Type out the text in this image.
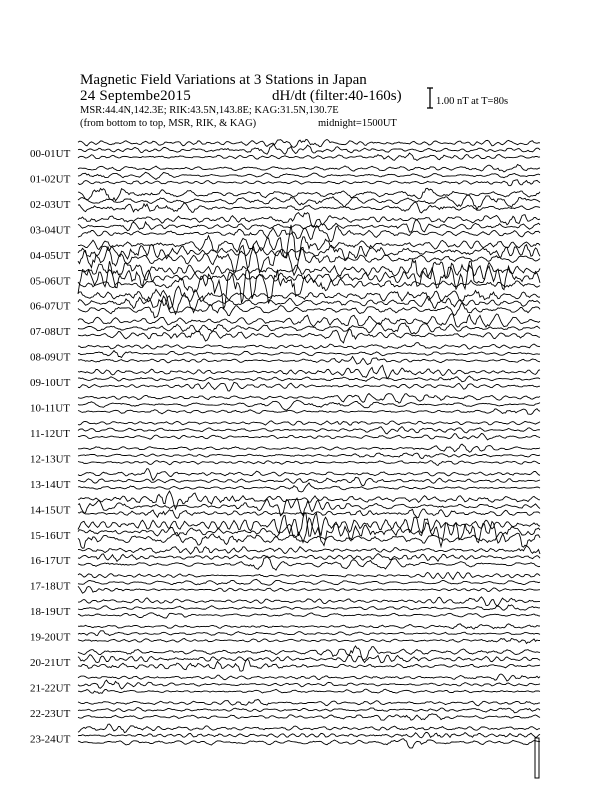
Magnetic Field Variations at 3 Stations in Japan
24 Septembe2015	dH/dt (filter:40-160s)
MSR:44.4N,142.3E; RIK:43.5N,143.8E; KAG:31.5N,130.7E
(from bottom to top, MSR, RIK, & KAG)	midnight=1500UT
1.00 nT at T=80s
00-01UT
01-02UT
02-03UT
03-04UT
04-05UT
05-06UT
06-07UT
07-08UT
08-09UT
09-10UT
10-11UT
11-12UT
12-13UT
13-14UT
14-15UT
15-16UT
16-17UT
17-18UT
18-19UT
19-20UT
20-21UT
21-22UT
22-23UT
23-24UT
